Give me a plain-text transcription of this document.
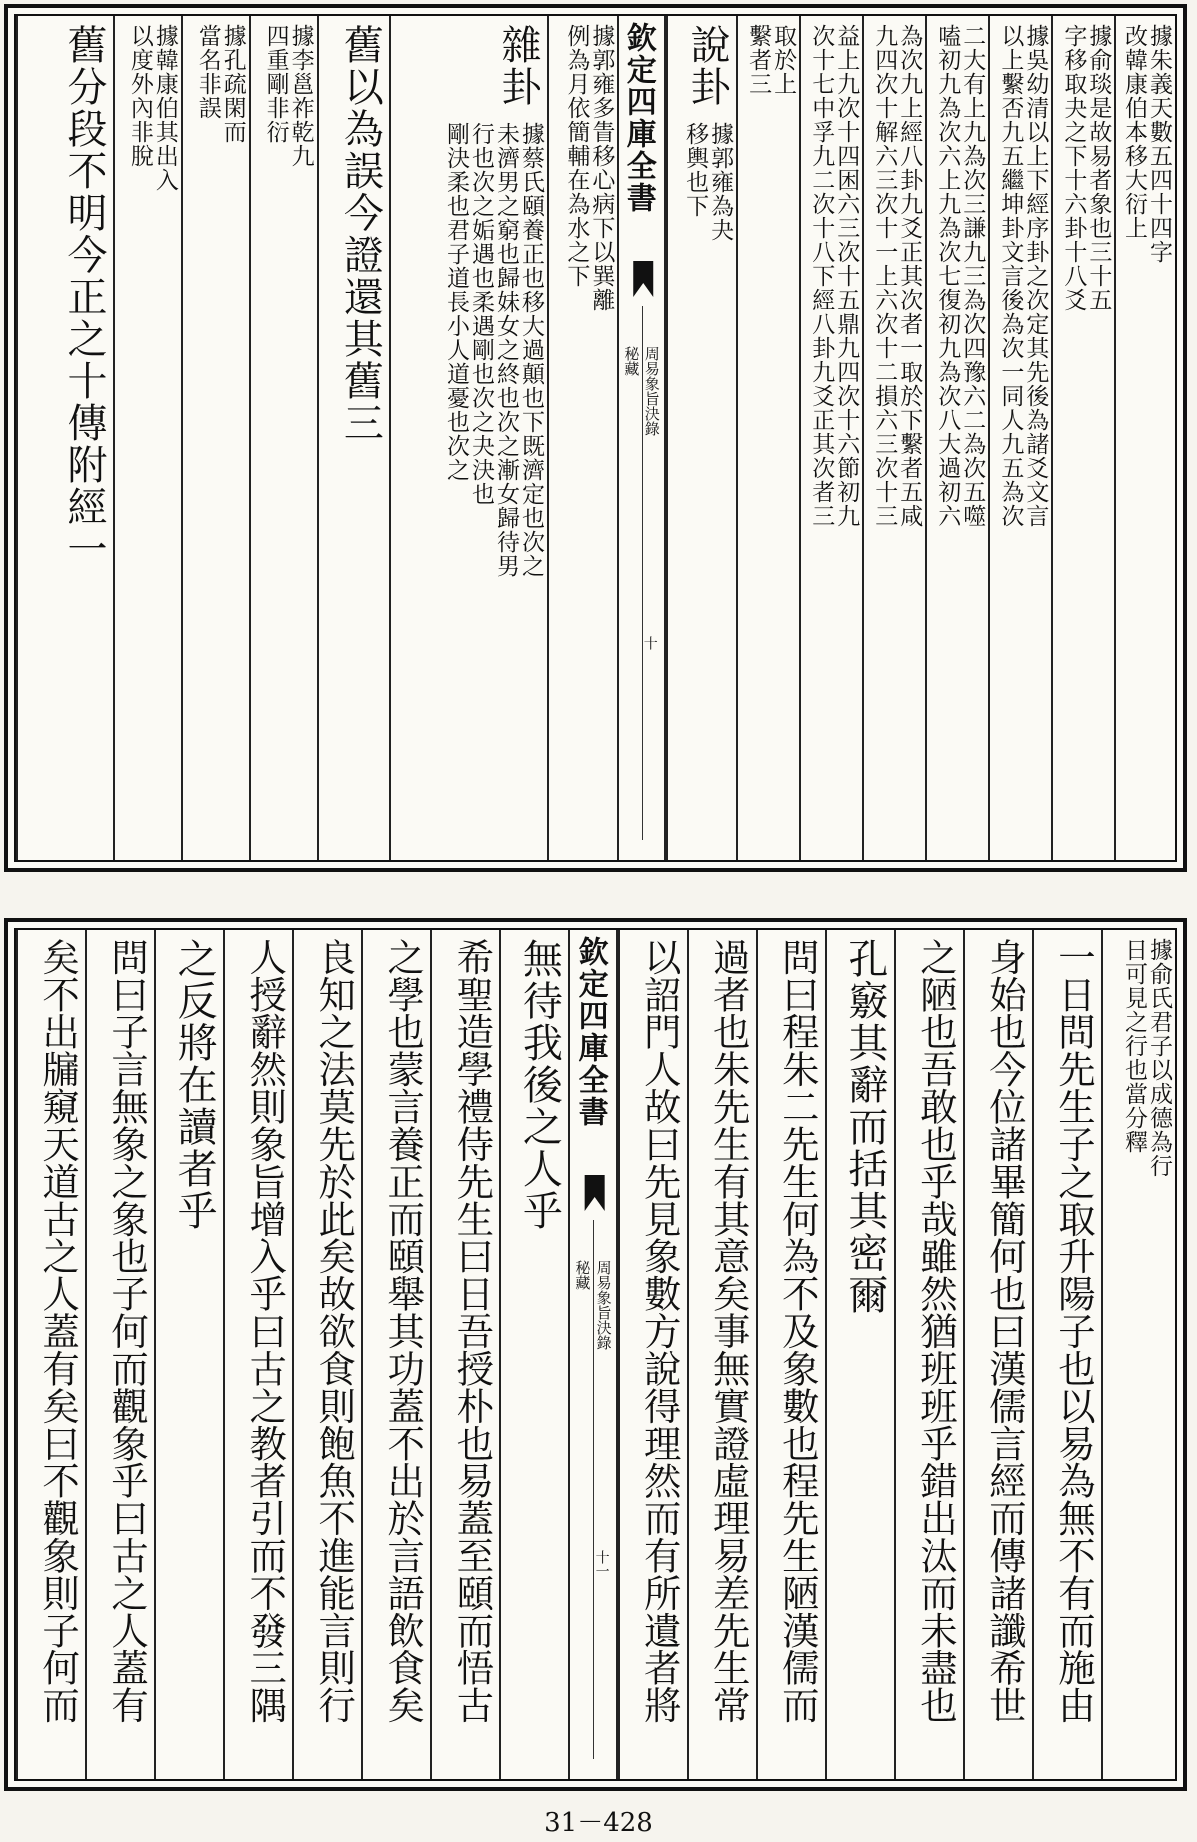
據朱義天數五四十四字
改韓康伯本移大衍上
據俞琰是故易者象也三十五
字移取夬之下十六卦十八爻
據吳幼清以上下經序卦之次定其先後為諸爻文言
以上繫否九五繼坤卦文言後為次一同人九五為次
二大有上九為次三謙九三為次四豫六二為次五噬
嗑初九為次六上九為次七復初九為次八大過初六
為次九上經八卦九爻正其次者一取於下繫者五咸
九四次十解六三次十一上六次十二損六三次十三
益上九次十四困六三次十五鼎九四次十六節初九
次十七中孚九二次十八下經八卦九爻正其次者三
取於上
繫者三
說卦
據郭雍為夬
移輿也下
欽定四庫全書
周易象旨決錄
秘藏
十
據郭雍多眚移心病下以巽離
例為月依簡輔在為水之下
雜卦
據蔡氏頤養正也移大過顛也下既濟定也次之
未濟男之窮也歸妹女之終也次之漸女歸待男
行也次之姤遇也柔遇剛也次之夬決也
剛決柔也君子道長小人道憂也次之
舊以為誤今證還其舊三
據李邕祚乾九
四重剛非衍
據孔疏閑而
當名非誤
據韓康伯其出入
以度外內非脫
舊分段不明今正之十傳附經一
據俞氏君子以成德為行
日可見之行也當分釋
一日問先生子之取升陽子也以易為無不有而施由
身始也今位諸畢簡何也曰漢儒言經而傳諸讖希世
之陋也吾敢也乎哉雖然猶班班乎錯出汰而未盡也
孔竅其辭而括其密爾
問曰程朱二先生何為不及象數也程先生陋漢儒而
過者也朱先生有其意矣事無實證虛理易差先生常
以詔門人故曰先見象數方說得理然而有所遺者將
欽定四庫全書
周易象旨決錄
秘藏
十一
無待我後之人乎
希聖造學禮侍先生曰日吾授朴也易蓋至頤而悟古
之學也蒙言養正而頤舉其功蓋不出於言語飲食矣
良知之法莫先於此矣故欲食則飽魚不進能言則行
人授辭然則象旨增入乎曰古之教者引而不發三隅
之反將在讀者乎
問曰子言無象之象也子何而觀象乎曰古之人蓋有
矣不出牖窺天道古之人蓋有矣曰不觀象則子何而
31－428
